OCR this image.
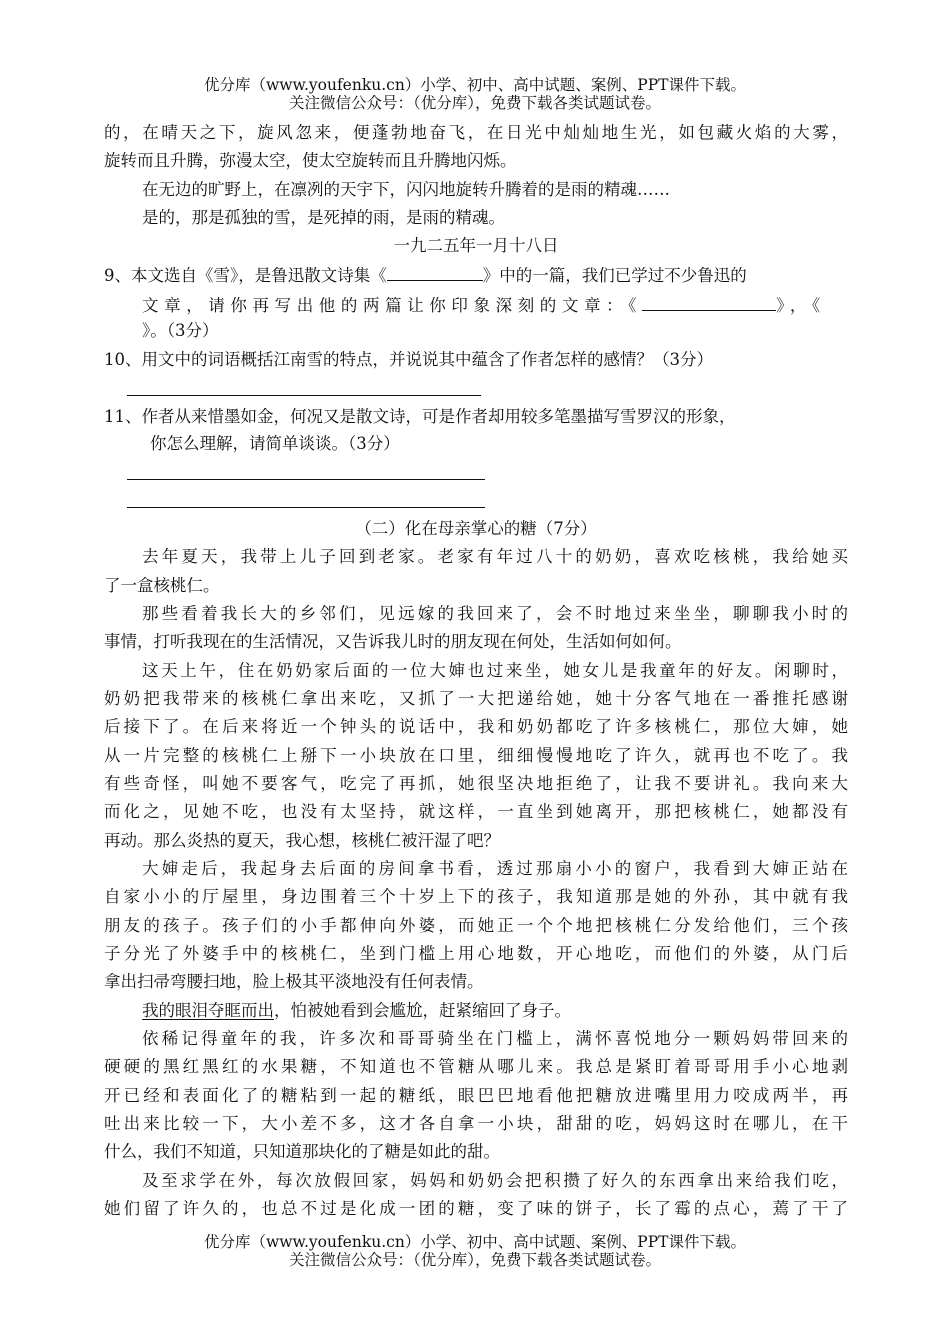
优分库（www.youfenku.cn）小学、初中、高中试题、案例、PPT课件下载。

关注微信公众号：（优分库），免费下载各类试题试卷。

的，在晴天之下，旋风忽来，便蓬勃地奋飞，在日光中灿灿地生光，如包藏火焰的大雾，

旋转而且升腾，弥漫太空，使太空旋转而且升腾地闪烁。

在无边的旷野上，在凛冽的天宇下，闪闪地旋转升腾着的是雨的精魂……

是的，那是孤独的雪，是死掉的雨，是雨的精魂。

一九二五年一月十八日

9、本文选自《雪》，是鲁迅散文诗集《	》中的一篇，我们已学过不少鲁迅的

文章，请你再写出他的两篇让你印象深刻的文章：《	》，《

》。（3分）

10、用文中的词语概括江南雪的特点，并说说其中蕴含了作者怎样的感情？（3分）

11、作者从来惜墨如金，何况又是散文诗，可是作者却用较多笔墨描写雪罗汉的形象，

你怎么理解，请简单谈谈。（3分）

（二）化在母亲掌心的糖（7分）

去年夏天，我带上儿子回到老家。老家有年过八十的奶奶，喜欢吃核桃，我给她买

了一盒核桃仁。

那些看着我长大的乡邻们，见远嫁的我回来了，会不时地过来坐坐，聊聊我小时的

事情，打听我现在的生活情况，又告诉我儿时的朋友现在何处，生活如何如何。

这天上午，住在奶奶家后面的一位大婶也过来坐，她女儿是我童年的好友。闲聊时，

奶奶把我带来的核桃仁拿出来吃，又抓了一大把递给她，她十分客气地在一番推托感谢

后接下了。在后来将近一个钟头的说话中，我和奶奶都吃了许多核桃仁，那位大婶，她

从一片完整的核桃仁上掰下一小块放在口里，细细慢慢地吃了许久，就再也不吃了。我

有些奇怪，叫她不要客气，吃完了再抓，她很坚决地拒绝了，让我不要讲礼。我向来大

而化之，见她不吃，也没有太坚持，就这样，一直坐到她离开，那把核桃仁，她都没有

再动。那么炎热的夏天，我心想，核桃仁被汗湿了吧？

大婶走后，我起身去后面的房间拿书看，透过那扇小小的窗户，我看到大婶正站在

自家小小的厅屋里，身边围着三个十岁上下的孩子，我知道那是她的外孙，其中就有我

朋友的孩子。孩子们的小手都伸向外婆，而她正一个个地把核桃仁分发给他们，三个孩

子分光了外婆手中的核桃仁，坐到门槛上用心地数，开心地吃，而他们的外婆，从门后

拿出扫帚弯腰扫地，脸上极其平淡地没有任何表情。

我的眼泪夺眶而出，怕被她看到会尴尬，赶紧缩回了身子。

依稀记得童年的我，许多次和哥哥骑坐在门槛上，满怀喜悦地分一颗妈妈带回来的

硬硬的黑红黑红的水果糖，不知道也不管糖从哪儿来。我总是紧盯着哥哥用手小心地剥

开已经和表面化了的糖粘到一起的糖纸，眼巴巴地看他把糖放进嘴里用力咬成两半，再

吐出来比较一下，大小差不多，这才各自拿一小块，甜甜的吃，妈妈这时在哪儿，在干

什么，我们不知道，只知道那块化的了糖是如此的甜。

及至求学在外，每次放假回家，妈妈和奶奶会把积攒了好久的东西拿出来给我们吃，

她们留了许久的，也总不过是化成一团的糖，变了味的饼子，长了霉的点心，蔫了干了

优分库（www.youfenku.cn）小学、初中、高中试题、案例、PPT课件下载。

关注微信公众号：（优分库），免费下载各类试题试卷。
